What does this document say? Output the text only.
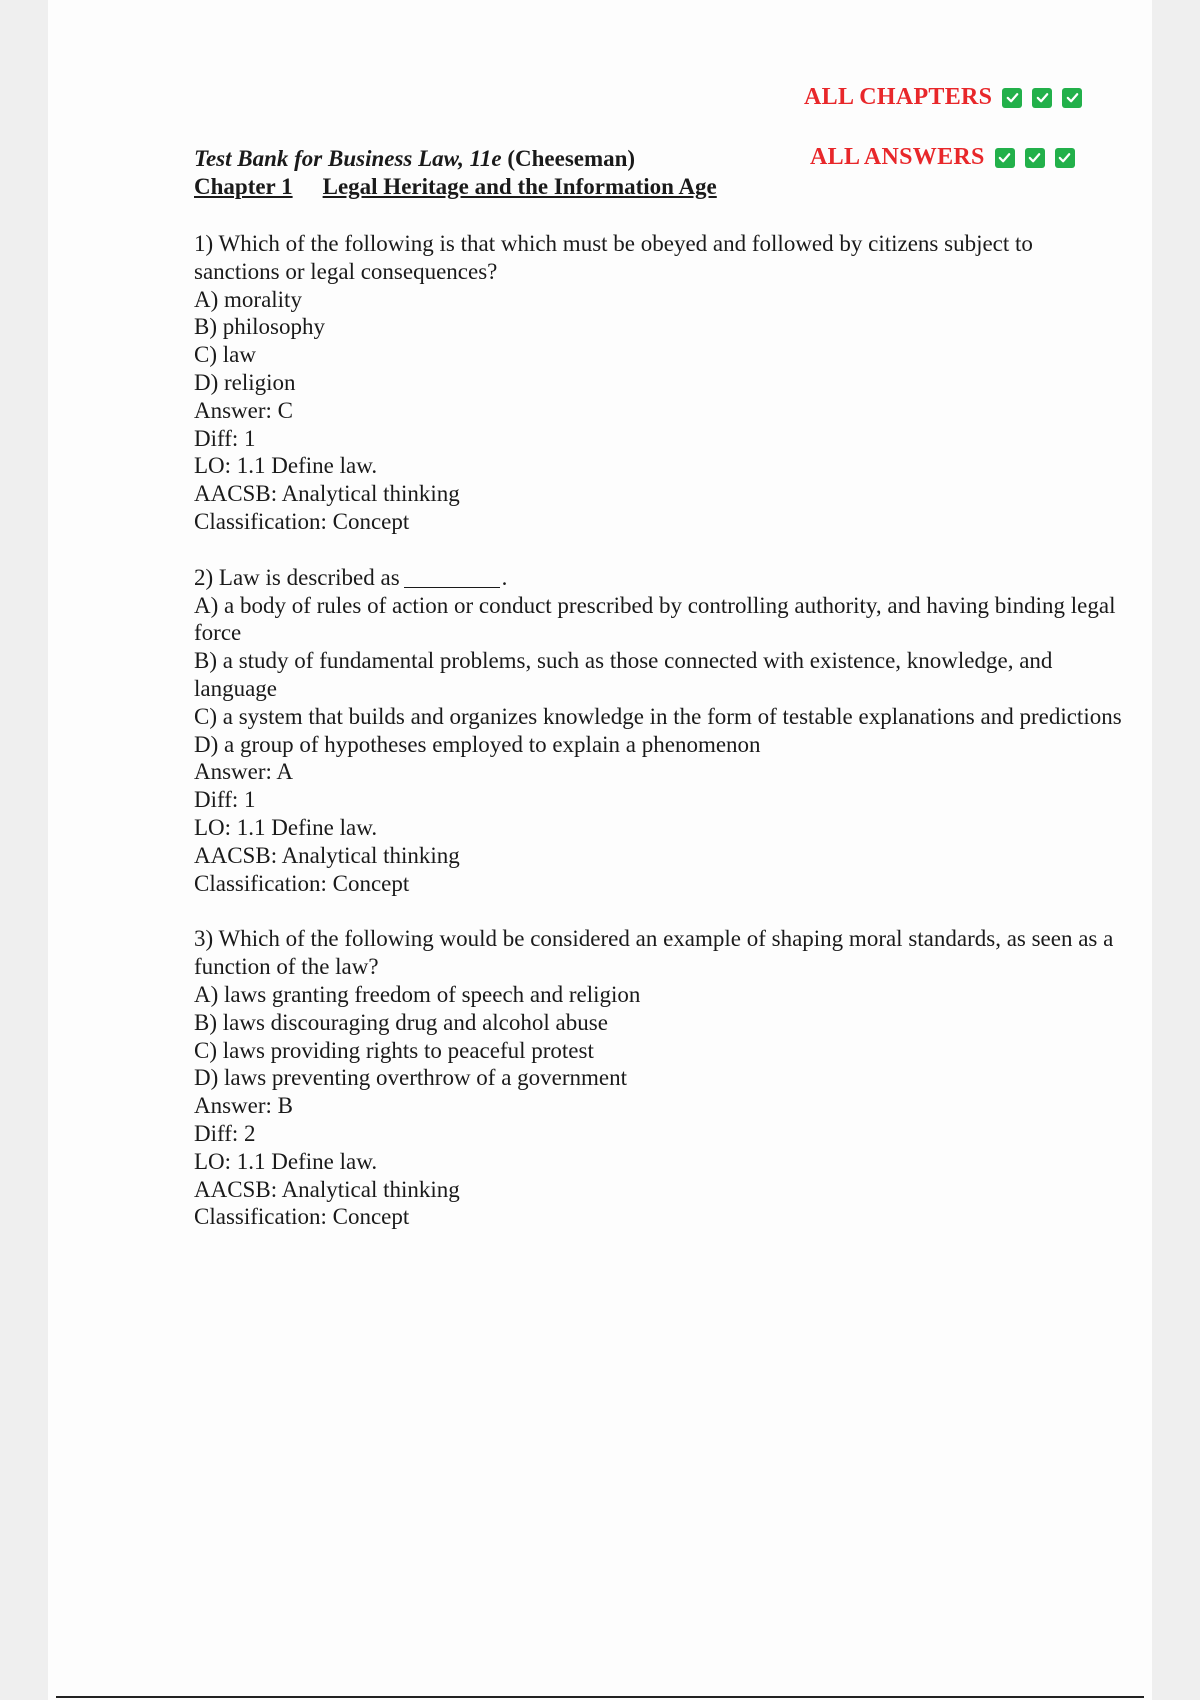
ALL CHAPTERS
ALL ANSWERS
Test Bank for Business Law, 11e (Cheeseman)
Chapter 1 Legal Heritage and the Information Age

1) Which of the following is that which must be obeyed and followed by citizens subject to sanctions or legal consequences?

A) morality

B) philosophy

C) law

D) religion

Answer: C

Diff: 1

LO: 1.1 Define law.

AACSB: Analytical thinking

Classification: Concept

2) Law is described as	.

A) a body of rules of action or conduct prescribed by controlling authority, and having binding legal force

B) a study of fundamental problems, such as those connected with existence, knowledge, and language

C) a system that builds and organizes knowledge in the form of testable explanations and predictions

D) a group of hypotheses employed to explain a phenomenon

Answer: A

Diff: 1

LO: 1.1 Define law.

AACSB: Analytical thinking

Classification: Concept

3) Which of the following would be considered an example of shaping moral standards, as seen as a function of the law?

A) laws granting freedom of speech and religion

B) laws discouraging drug and alcohol abuse

C) laws providing rights to peaceful protest

D) laws preventing overthrow of a government

Answer: B

Diff: 2

LO: 1.1 Define law.

AACSB: Analytical thinking

Classification: Concept
